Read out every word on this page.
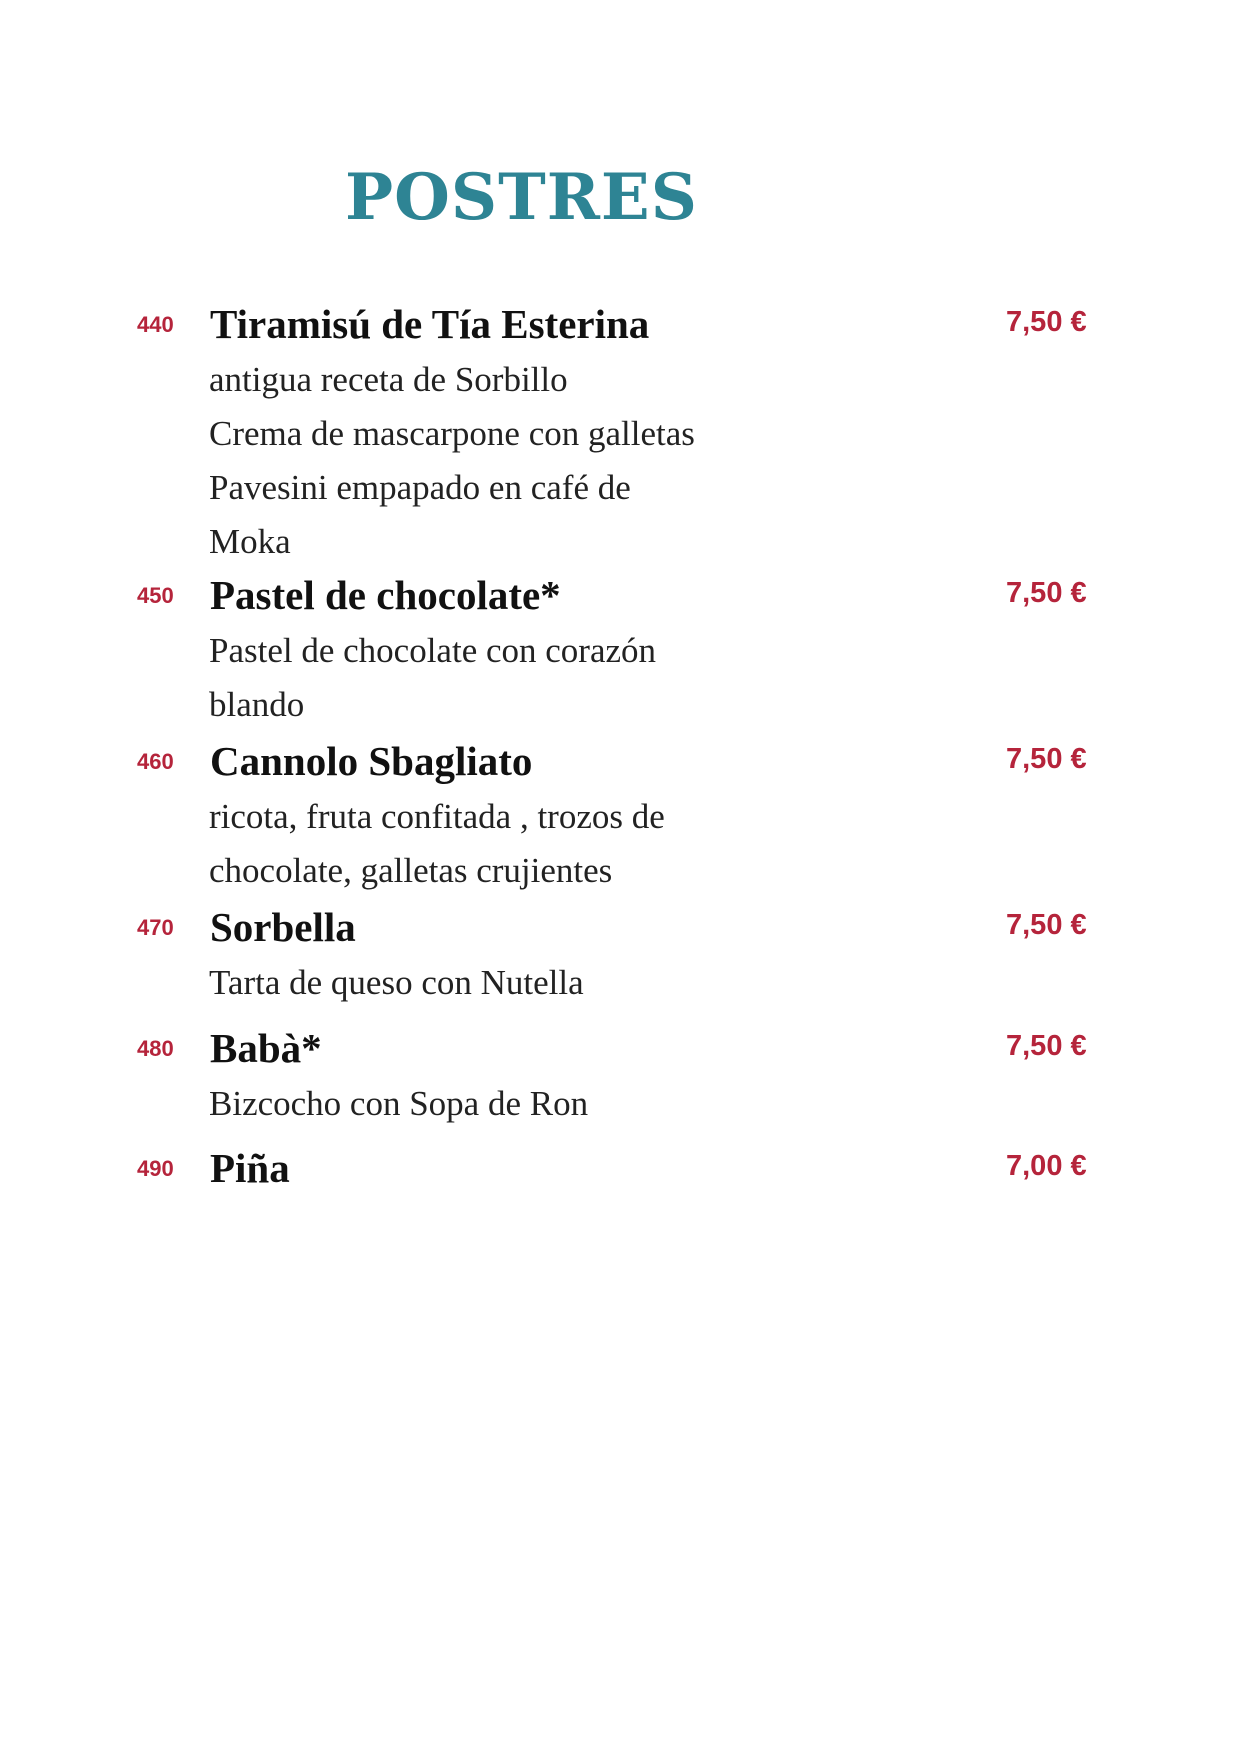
POSTRES
440 Tiramisú de Tía Esterina	7,50 €
antigua receta de Sorbillo
Crema de mascarpone con galletas
Pavesini empapado en café de
Moka
450 Pastel de chocolate*	7,50 €
Pastel de chocolate con corazón
blando
460 Cannolo Sbagliato	7,50 €
ricota, fruta confitada , trozos de
chocolate, galletas crujientes
470 Sorbella	7,50 €
Tarta de queso con Nutella
480 Babà*	7,50 €
Bizcocho con Sopa de Ron
490 Piña	7,00 €
